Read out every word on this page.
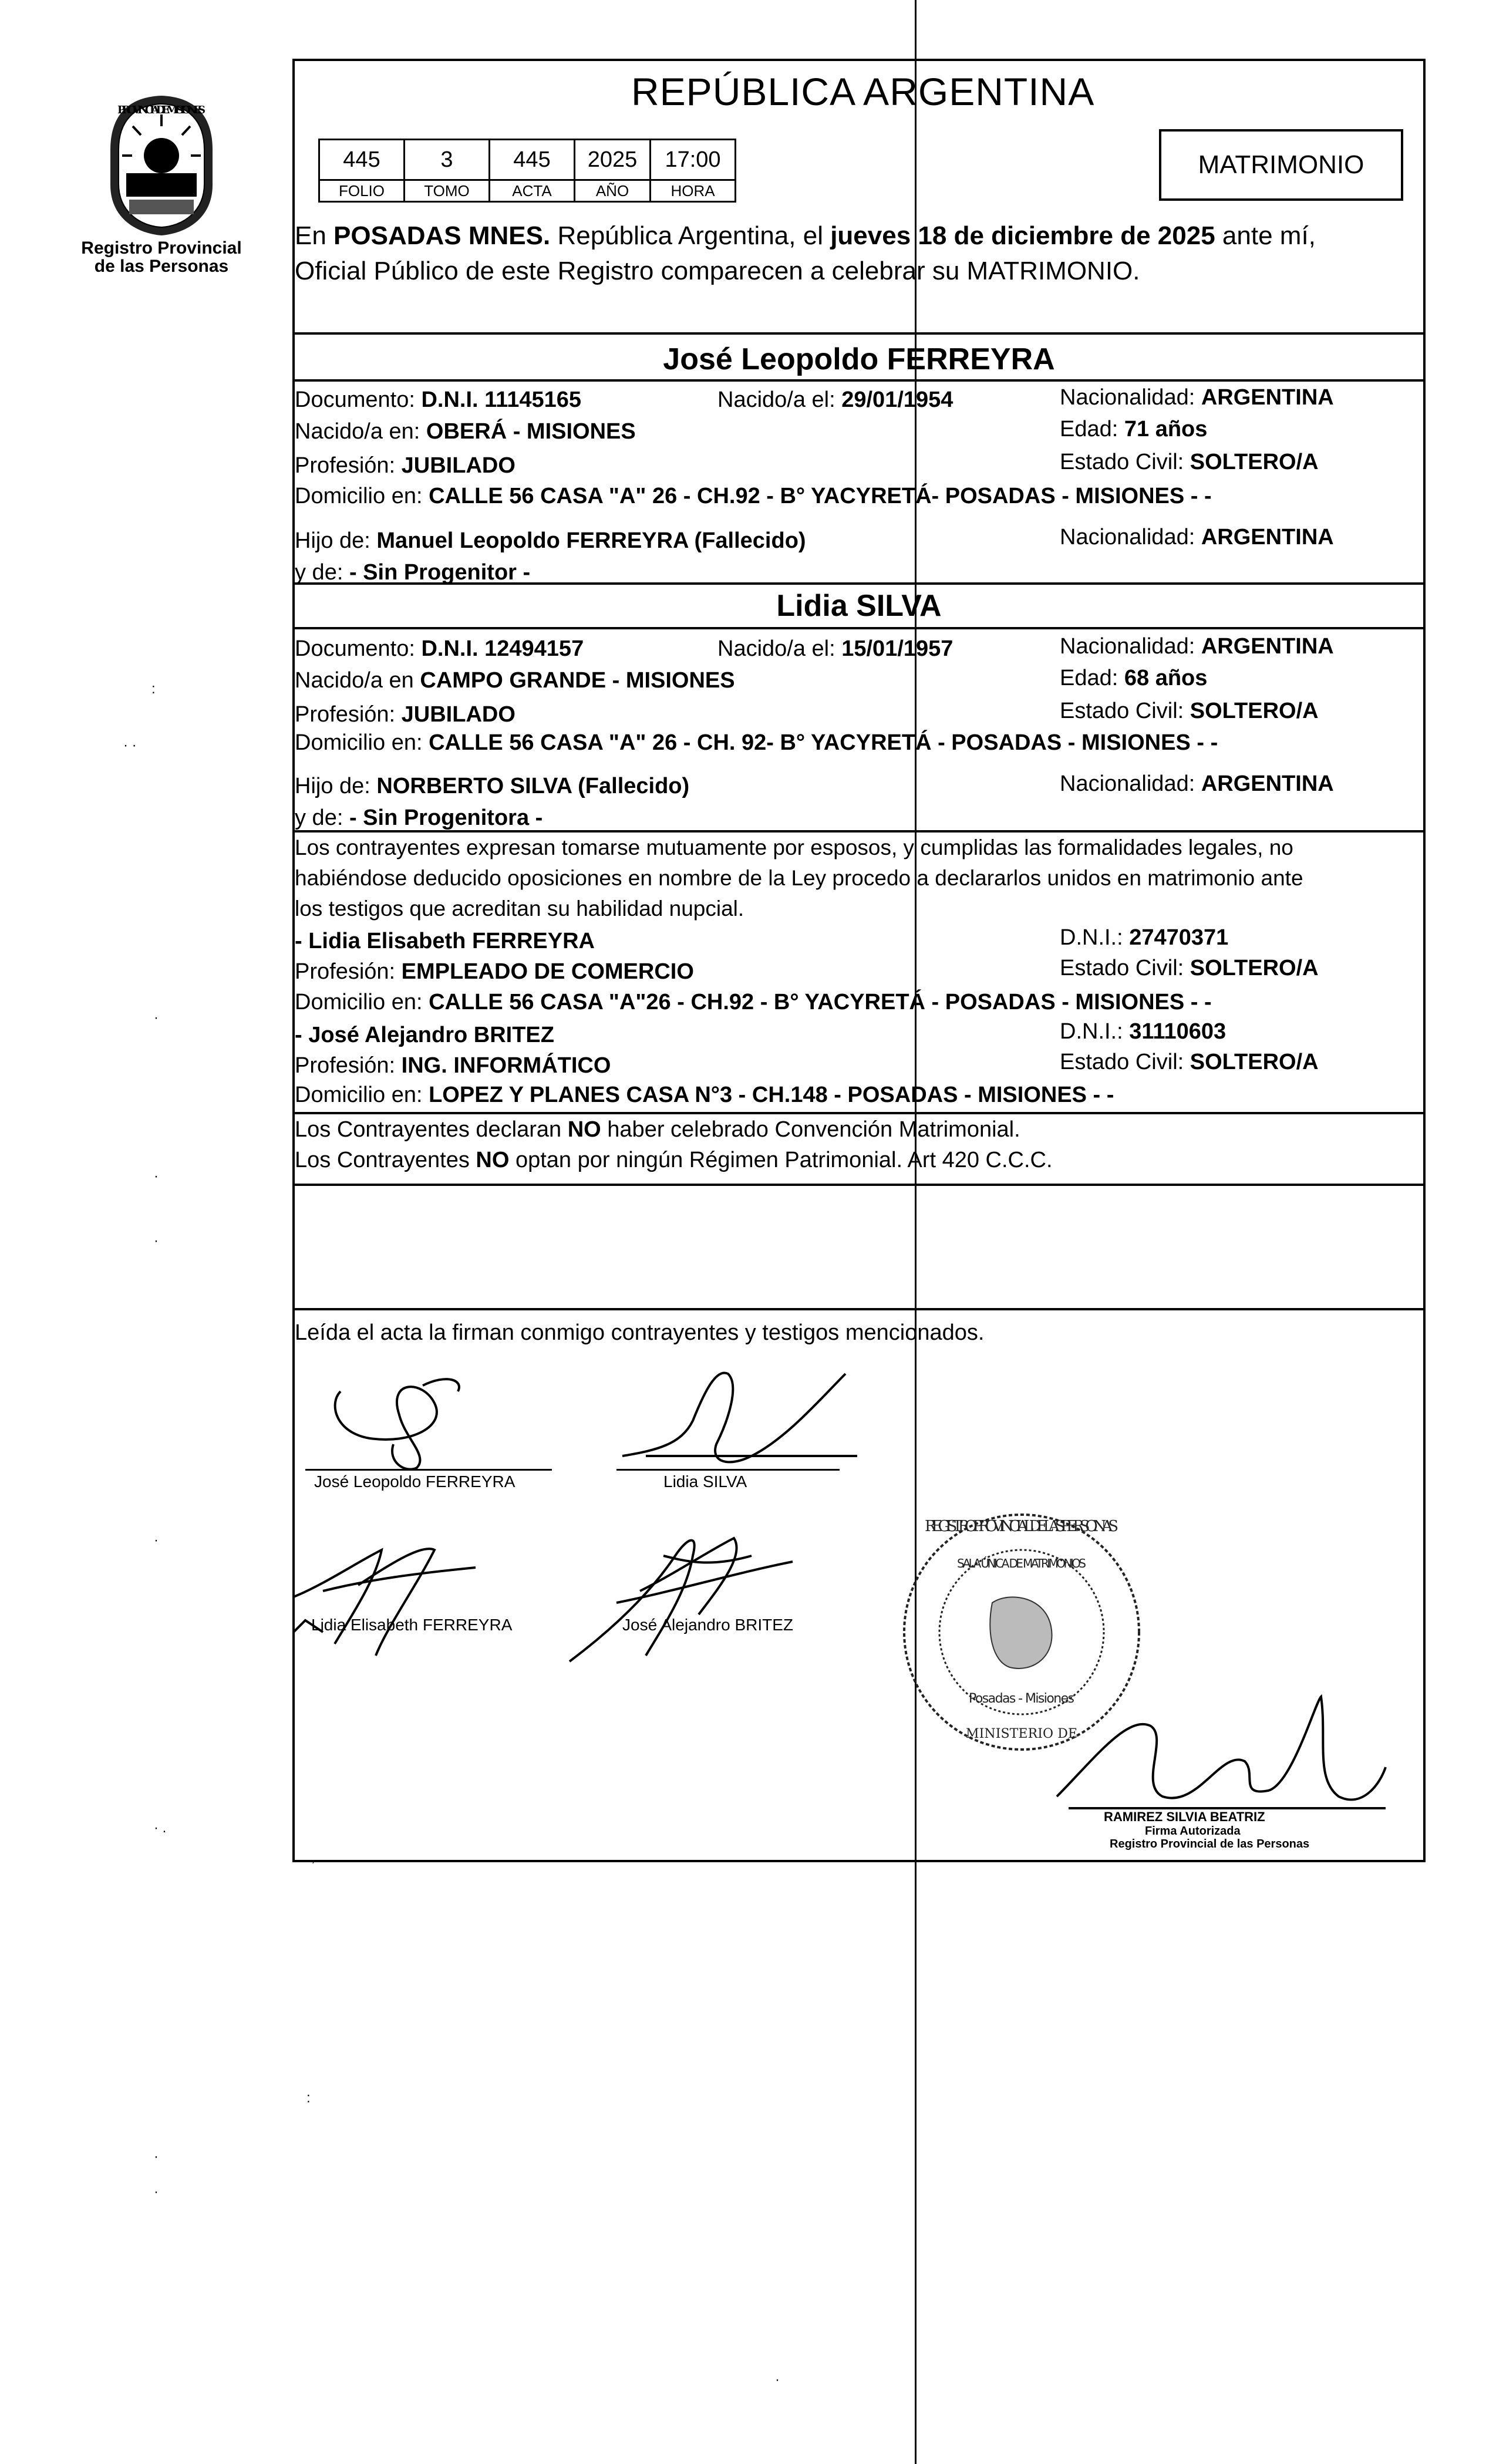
PROVINCIA DE MISIONES
Registro Provincial
de las Personas
REPÚBLICA ARGENTINA
445	3	445	2025	17:00
FOLIO	TOMO	ACTA	AÑO	HORA
MATRIMONIO
En POSADAS MNES. República Argentina, el jueves 18 de diciembre de 2025 ante mí,
Oficial Público de este Registro comparecen a celebrar su MATRIMONIO.
José Leopoldo FERREYRA
Documento: D.N.I. 11145165	Nacido/a el: 29/01/1954	Nacionalidad: ARGENTINA
Nacido/a en: OBERÁ - MISIONES	Edad: 71 años
Profesión: JUBILADO	Estado Civil: SOLTERO/A
Domicilio en: CALLE 56 CASA "A" 26 - CH.92 - B° YACYRETÁ- POSADAS - MISIONES - -
Hijo de: Manuel Leopoldo FERREYRA (Fallecido)	Nacionalidad: ARGENTINA
y de: - Sin Progenitor -
Lidia SILVA
Documento: D.N.I. 12494157	Nacido/a el: 15/01/1957	Nacionalidad: ARGENTINA
Nacido/a en CAMPO GRANDE - MISIONES	Edad: 68 años
Profesión: JUBILADO	Estado Civil: SOLTERO/A
Domicilio en: CALLE 56 CASA "A" 26 - CH. 92- B° YACYRETÁ - POSADAS - MISIONES - -
Hijo de: NORBERTO SILVA (Fallecido)	Nacionalidad: ARGENTINA
y de: - Sin Progenitora -
Los contrayentes expresan tomarse mutuamente por esposos, y cumplidas las formalidades legales, no
habiéndose deducido oposiciones en nombre de la Ley procedo a declararlos unidos en matrimonio ante
los testigos que acreditan su habilidad nupcial.
- Lidia Elisabeth FERREYRA	D.N.I.: 27470371
Profesión: EMPLEADO DE COMERCIO	Estado Civil: SOLTERO/A
Domicilio en: CALLE 56 CASA "A"26 - CH.92 - B° YACYRETÁ - POSADAS - MISIONES - -
- José Alejandro BRITEZ	D.N.I.: 31110603
Profesión: ING. INFORMÁTICO	Estado Civil: SOLTERO/A
Domicilio en: LOPEZ Y PLANES CASA N°3 - CH.148 - POSADAS - MISIONES - -
Los Contrayentes declaran NO haber celebrado Convención Matrimonial.
Los Contrayentes NO optan por ningún Régimen Patrimonial. Art 420 C.C.C.
Leída el acta la firman conmigo contrayentes y testigos mencionados.
José Leopoldo FERREYRA	Lidia SILVA
Lidia Elisabeth FERREYRA	José Alejandro BRITEZ
REGISTRO PROVINCIAL DE LAS PERSONAS
SALA ÚNICA DE MATRIMONIOS
Posadas - Misiones
MINISTERIO DE
RAMIREZ SILVIA BEATRIZ
Firma Autorizada
Registro Provincial de las Personas
:
· ·
·
·
·
·
· .
,
:
·
·
·
